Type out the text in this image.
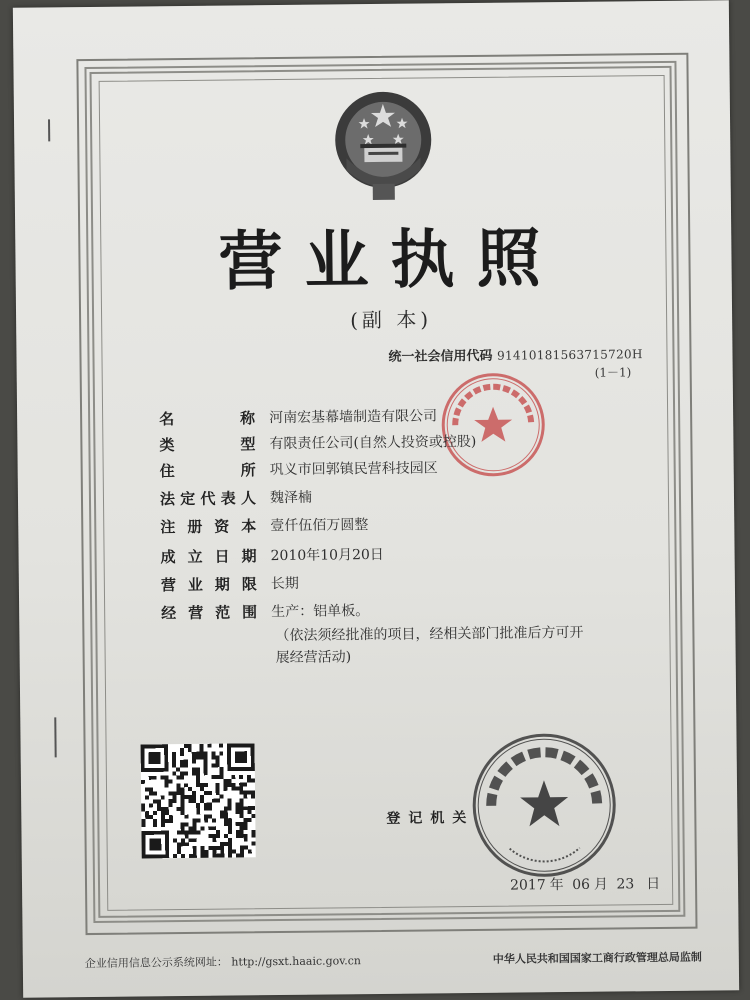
营业执照
(副 本)
统一社会信用代码 91410181563715720H
(1－1)
名	称 河南宏基幕墙制造有限公司
类	型 有限责任公司(自然人投资或控股)
住	所 巩义市回郭镇民营科技园区
法 定 代 表 人 魏泽楠
注 册 资 本 壹仟伍佰万圆整
成 立 日 期 2010年10月20日
营 业 期 限 长期
经 营 范 围 生产：铝单板。
（依法须经批准的项目，经相关部门批准后方可开
展经营活动)
登记机关
2017 年 06 月 23 日
企业信用信息公示系统网址： http://gsxt.haaic.gov.cn	中华人民共和国国家工商行政管理总局监制
